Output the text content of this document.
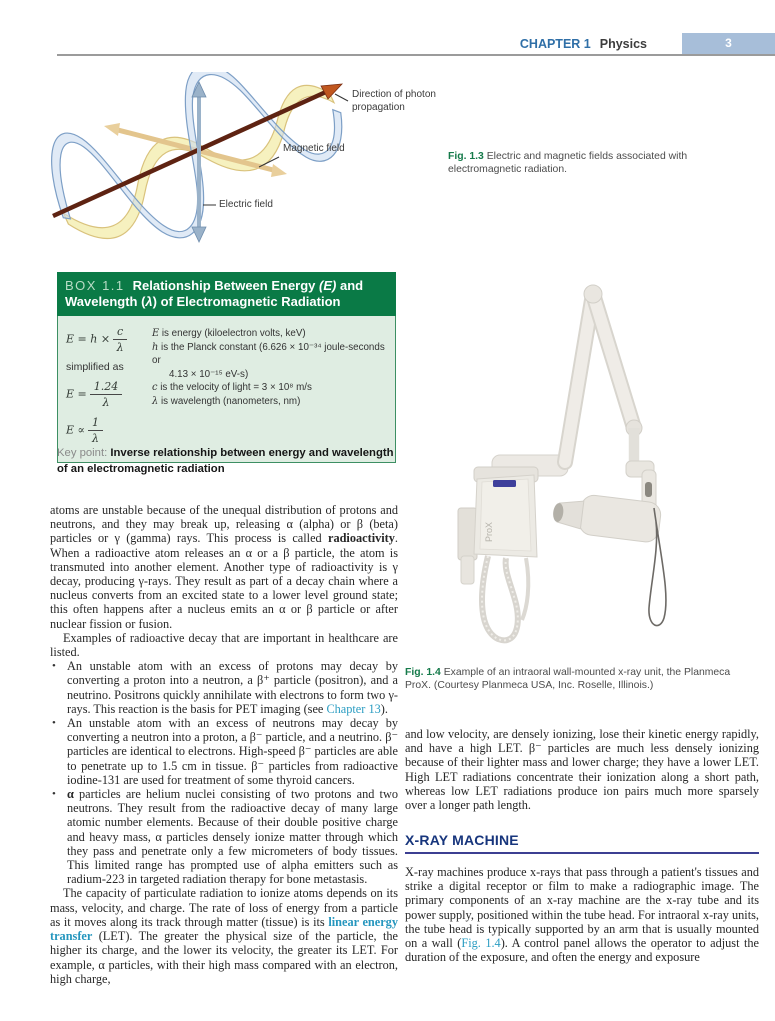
CHAPTER 1 Physics	3
Direction of photon propagation
Magnetic field
Electric field
Fig. 1.3 Electric and magnetic fields associated with electromagnetic radiation.
BOX 1.1 Relationship Between Energy (E) and Wavelength (λ) of Electromagnetic Radiation
$E = h \times \frac{c}{\lambda}$
simplified as
$E = \frac{1.24}{\lambda}$
$E \propto \frac{1}{\lambda}$
E is energy (kiloelectron volts, keV)
h is the Planck constant (6.626 × 10⁻³⁴ joule-seconds or
4.13 × 10⁻¹⁵ eV-s)
c is the velocity of light = 3 × 10⁸ m/s
λ is wavelength (nanometers, nm)
Key point: Inverse relationship between energy and wavelength of an electromagnetic radiation

atoms are unstable because of the unequal distribution of protons and neutrons, and they may break up, releasing α (alpha) or β (beta) particles or γ (gamma) rays. This process is called radioactivity. When a radioactive atom releases an α or a β particle, the atom is transmuted into another element. Another type of radioactivity is γ decay, producing γ-rays. They result as part of a decay chain where a nucleus converts from an excited state to a lower level ground state; this often happens after a nucleus emits an α or β particle or after nuclear fission or fusion.

Examples of radioactive decay that are important in healthcare are listed.

• An unstable atom with an excess of protons may decay by converting a proton into a neutron, a β⁺ particle (positron), and a neutrino. Positrons quickly annihilate with electrons to form two γ-rays. This reaction is the basis for PET imaging (see Chapter 13).
• An unstable atom with an excess of neutrons may decay by converting a neutron into a proton, a β⁻ particle, and a neutrino. β⁻ particles are identical to electrons. High-speed β⁻ particles are able to penetrate up to 1.5 cm in tissue. β⁻ particles from radioactive iodine-131 are used for treatment of some thyroid cancers.
• α particles are helium nuclei consisting of two protons and two neutrons. They result from the radioactive decay of many large atomic number elements. Because of their double positive charge and heavy mass, α particles densely ionize matter through which they pass and penetrate only a few micrometers of body tissues. This limited range has prompted use of alpha emitters such as radium-223 in targeted radiation therapy for bone metastasis.

The capacity of particulate radiation to ionize atoms depends on its mass, velocity, and charge. The rate of loss of energy from a particle as it moves along its track through matter (tissue) is its linear energy transfer (LET). The greater the physical size of the particle, the higher its charge, and the lower its velocity, the greater its LET. For example, α particles, with their high mass compared with an electron, high charge,

ProX
Fig. 1.4 Example of an intraoral wall-mounted x-ray unit, the Planmeca ProX. (Courtesy Planmeca USA, Inc. Roselle, Illinois.)

and low velocity, are densely ionizing, lose their kinetic energy rapidly, and have a high LET. β⁻ particles are much less densely ionizing because of their lighter mass and lower charge; they have a lower LET. High LET radiations concentrate their ionization along a short path, whereas low LET radiations produce ion pairs much more sparsely over a longer path length.

X-RAY MACHINE

X-ray machines produce x-rays that pass through a patient's tissues and strike a digital receptor or film to make a radiographic image. The primary components of an x-ray machine are the x-ray tube and its power supply, positioned within the tube head. For intraoral x-ray units, the tube head is typically supported by an arm that is usually mounted on a wall (Fig. 1.4). A control panel allows the operator to adjust the duration of the exposure, and often the energy and exposure
